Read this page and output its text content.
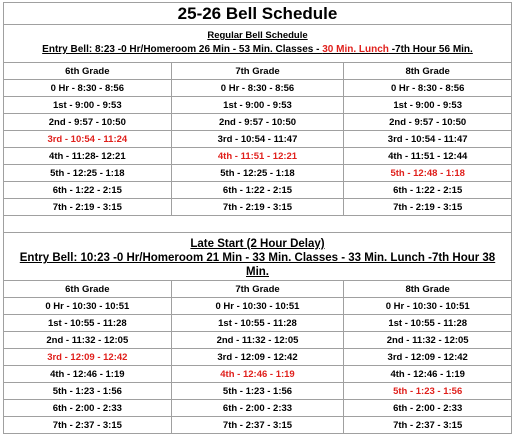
25-26 Bell Schedule
Regular Bell Schedule
Entry Bell: 8:23 -0 Hr/Homeroom 26 Min - 53 Min. Classes - 30 Min. Lunch -7th Hour 56 Min.
6th Grade	7th Grade	8th Grade
0 Hr - 8:30 - 8:56	0 Hr - 8:30 - 8:56	0 Hr - 8:30 - 8:56
1st - 9:00 - 9:53	1st - 9:00 - 9:53	1st - 9:00 - 9:53
2nd - 9:57 - 10:50	2nd - 9:57 - 10:50	2nd - 9:57 - 10:50
3rd - 10:54 - 11:24	3rd - 10:54 - 11:47	3rd - 10:54 - 11:47
4th - 11:28- 12:21	4th - 11:51 - 12:21	4th - 11:51 - 12:44
5th - 12:25 - 1:18	5th - 12:25 - 1:18	5th - 12:48 - 1:18
6th - 1:22 - 2:15	6th - 1:22 - 2:15	6th - 1:22 - 2:15
7th - 2:19 - 3:15	7th - 2:19 - 3:15	7th - 2:19 - 3:15
Late Start (2 Hour Delay)
Entry Bell: 10:23 -0 Hr/Homeroom 21 Min - 33 Min. Classes - 33 Min. Lunch -7th Hour 38 Min.
6th Grade	7th Grade	8th Grade
0 Hr - 10:30 - 10:51	0 Hr - 10:30 - 10:51	0 Hr - 10:30 - 10:51
1st - 10:55 - 11:28	1st - 10:55 - 11:28	1st - 10:55 - 11:28
2nd - 11:32 - 12:05	2nd - 11:32 - 12:05	2nd - 11:32 - 12:05
3rd - 12:09 - 12:42	3rd - 12:09 - 12:42	3rd - 12:09 - 12:42
4th - 12:46 - 1:19	4th - 12:46 - 1:19	4th - 12:46 - 1:19
5th - 1:23 - 1:56	5th - 1:23 - 1:56	5th - 1:23 - 1:56
6th - 2:00 - 2:33	6th - 2:00 - 2:33	6th - 2:00 - 2:33
7th - 2:37 - 3:15	7th - 2:37 - 3:15	7th - 2:37 - 3:15
